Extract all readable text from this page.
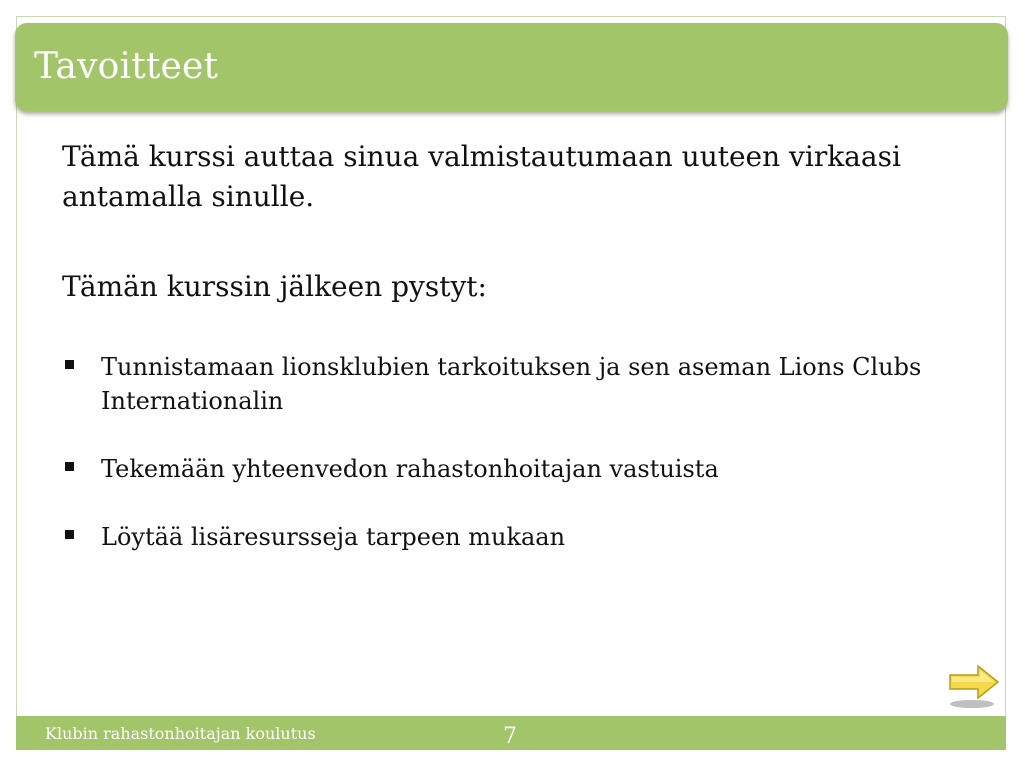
Tavoitteet
Tämä kurssi auttaa sinua valmistautumaan uuteen virkaasi antamalla sinulle.
Tämän kurssin jälkeen pystyt:
Tunnistamaan lionsklubien tarkoituksen ja sen aseman Lions Clubs Internationalin
Tekemään yhteenvedon rahastonhoitajan vastuista
Löytää lisäresursseja tarpeen mukaan
Klubin rahastonhoitajan koulutus	7
